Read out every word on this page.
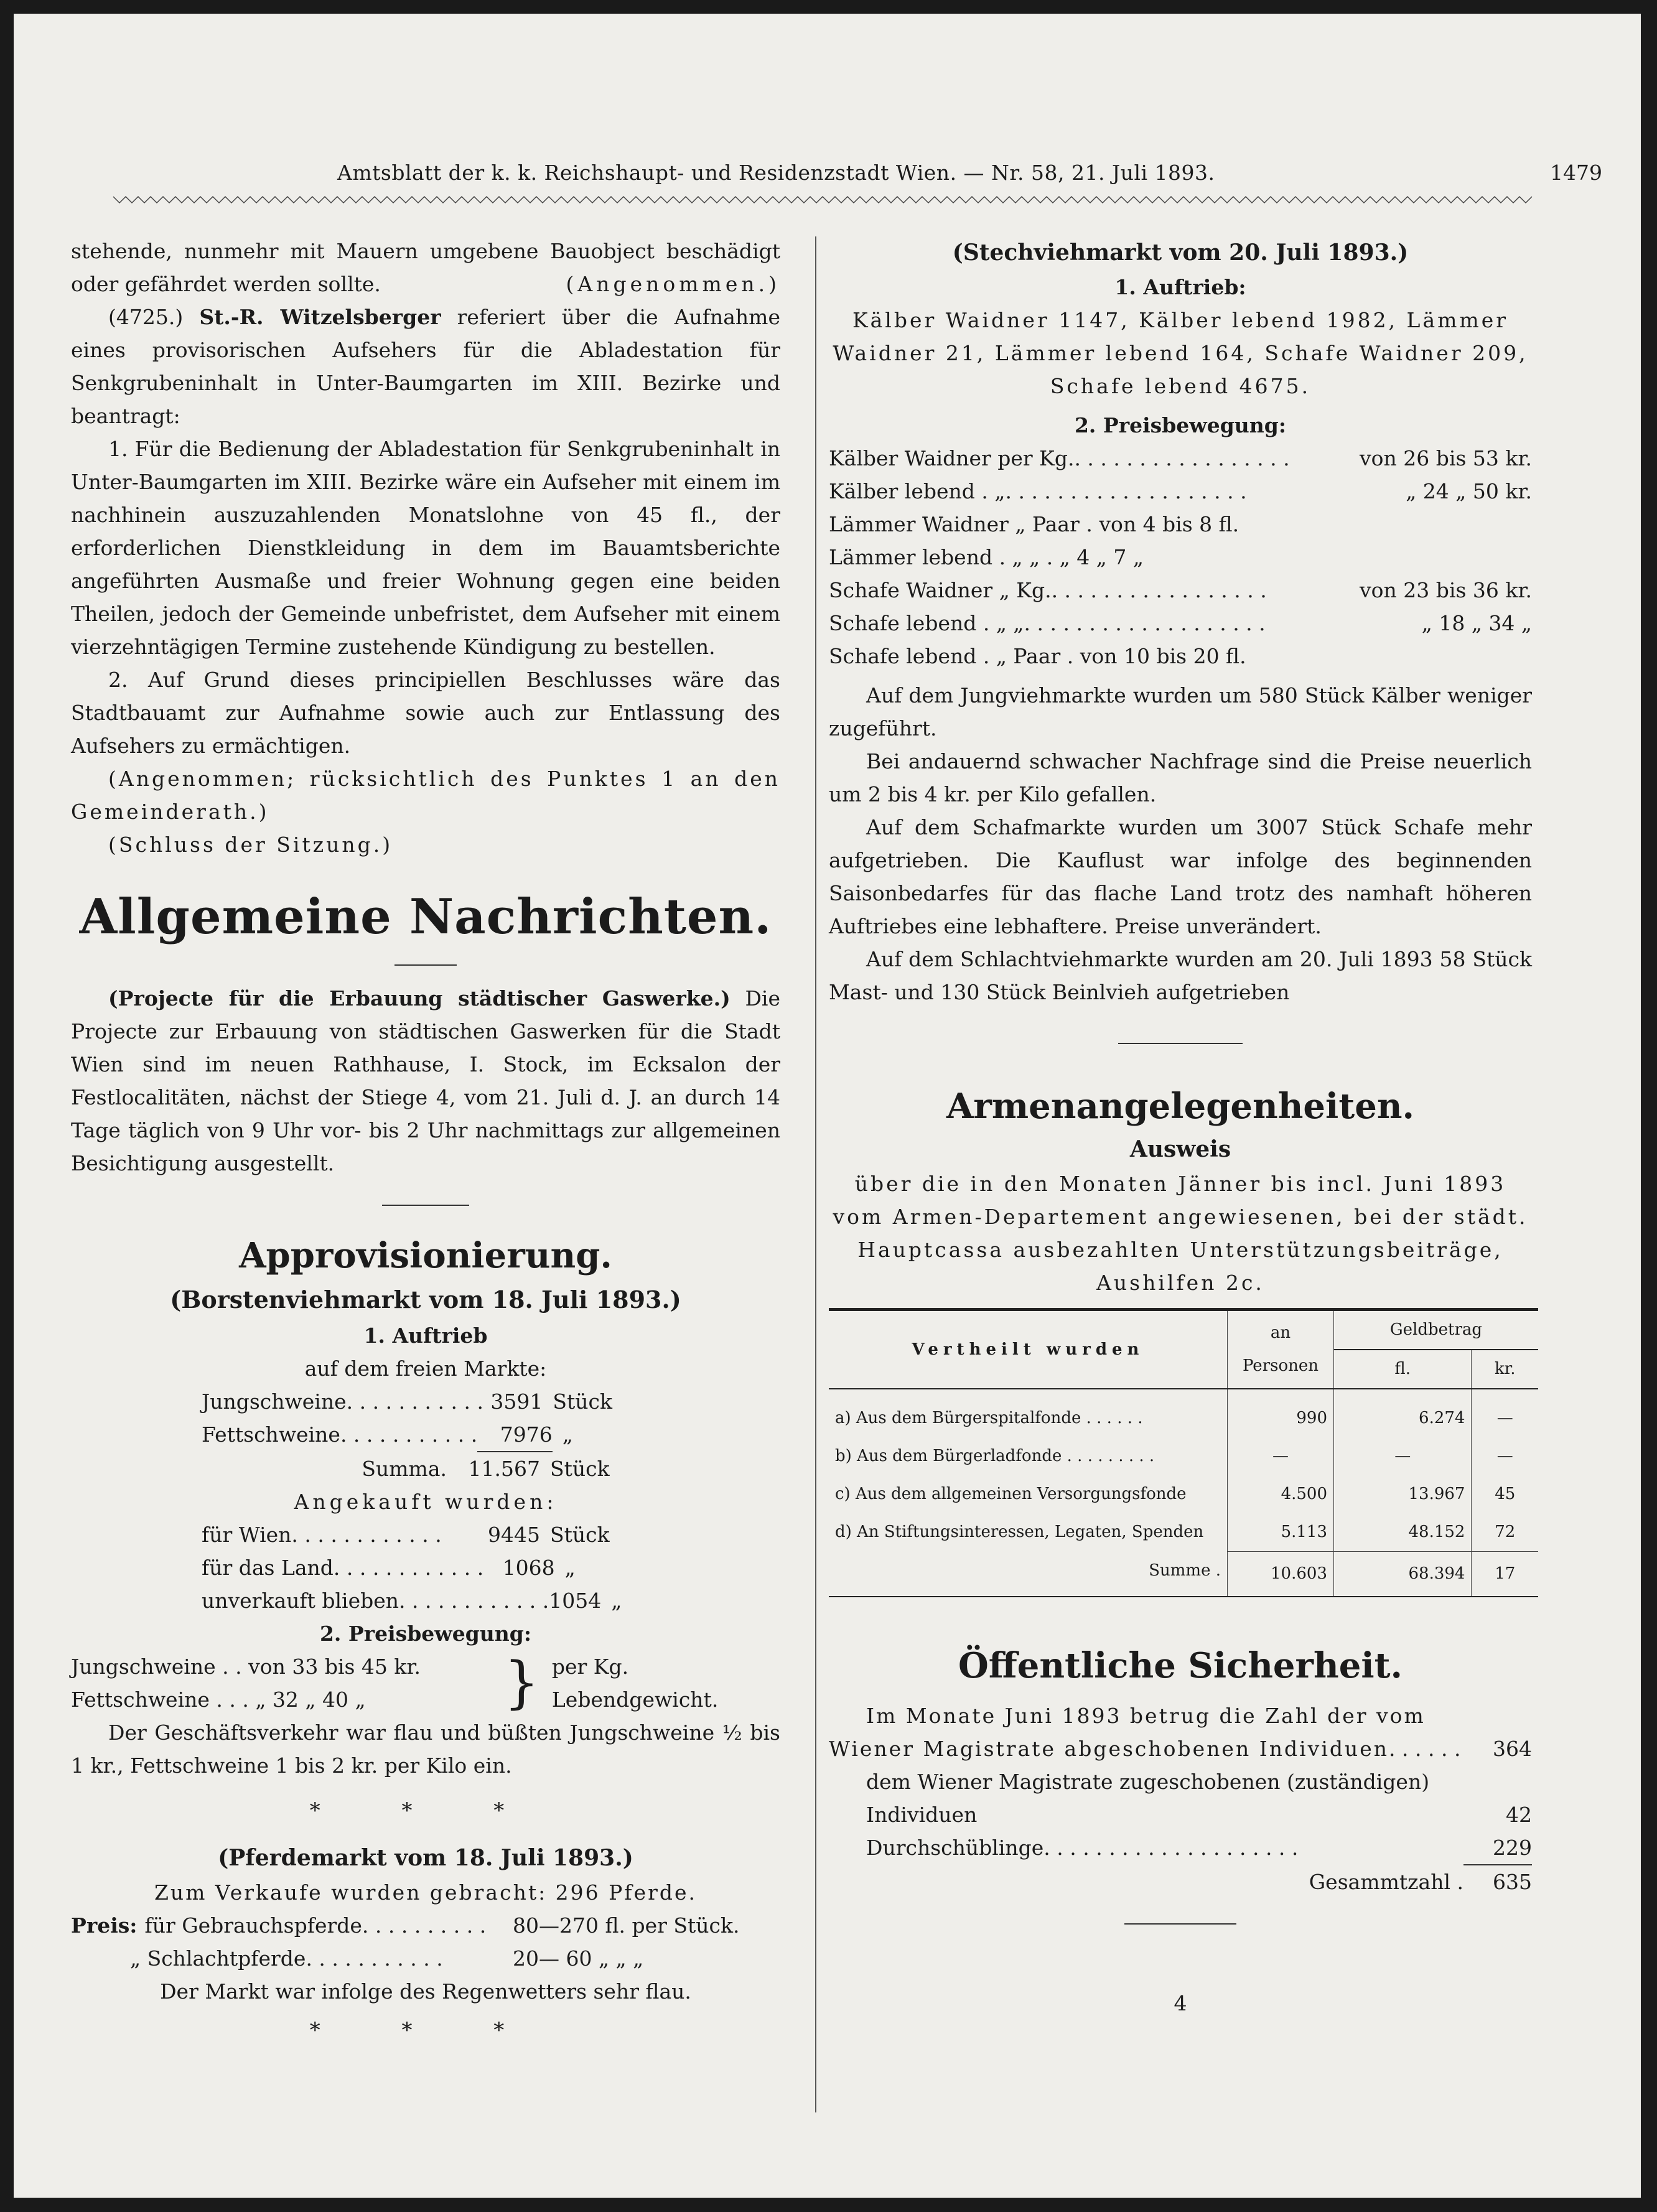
Amtsblatt der k. k. Reichshaupt- und Residenzstadt Wien. — Nr. 58, 21. Juli 1893.	1479

stehende, nunmehr mit Mauern umgebene Bauobject beschädigt oder gefährdet werden sollte.	(Angenommen.)

(4725.) St.-R. Witzelsberger referiert über die Aufnahme eines provisorischen Aufsehers für die Abladestation für Senkgrubeninhalt in Unter-Baumgarten im XIII. Bezirke und beantragt:

1. Für die Bedienung der Abladestation für Senkgrubeninhalt in Unter-Baumgarten im XIII. Bezirke wäre ein Aufseher mit einem im nachhinein auszuzahlenden Monatslohne von 45 fl., der erforderlichen Dienstkleidung in dem im Bauamtsberichte angeführten Ausmaße und freier Wohnung gegen eine beiden Theilen, jedoch der Gemeinde unbefristet, dem Aufseher mit einem vierzehntägigen Termine zustehende Kündigung zu bestellen.

2. Auf Grund dieses principiellen Beschlusses wäre das Stadtbauamt zur Aufnahme sowie auch zur Entlassung des Aufsehers zu ermächtigen.

(Angenommen; rücksichtlich des Punktes 1 an den Gemeinderath.)

(Schluss der Sitzung.)

Allgemeine Nachrichten.

(Projecte für die Erbauung städtischer Gaswerke.) Die Projecte zur Erbauung von städtischen Gaswerken für die Stadt Wien sind im neuen Rathhause, I. Stock, im Ecksalon der Festlocalitäten, nächst der Stiege 4, vom 21. Juli d. J. an durch 14 Tage täglich von 9 Uhr vor- bis 2 Uhr nachmittags zur allgemeinen Besichtigung ausgestellt.

Approvisionierung.
(Borstenviehmarkt vom 18. Juli 1893.)
1. Auftrieb
auf dem freien Markte:
Jungschweine . . . . . . . . . . . 3591 Stück
Fettschweine . . . . . . . . . . .	7976 „
Summa .	11.567 Stück
Angekauft wurden:
für Wien . . . . . . . . . . . .	9445 Stück
für das Land . . . . . . . . . . . . 1068 „
unverkauft blieben . . . . . . . . . . . . 1054 „
2. Preisbewegung:
Jungschweine . . von 33 bis 45 kr.
Fettschweine . . . „ 32 „ 40 „	} per Kg. Lebendgewicht.

Der Geschäftsverkehr war flau und büßten Jungschweine ½ bis 1 kr., Fettschweine 1 bis 2 kr. per Kilo ein.

* * *
(Pferdemarkt vom 18. Juli 1893.)
Zum Verkaufe wurden gebracht: 296 Pferde.
Preis: für Gebrauchspferde . . . . . . . . . .	80—270 fl. per Stück.
„ Schlachtpferde . . . . . . . . . . .	20— 60 „ „ „
Der Markt war infolge des Regenwetters sehr flau.
* * *
(Stechviehmarkt vom 20. Juli 1893.)
1. Auftrieb:

Kälber Waidner 1147, Kälber lebend 1982, Lämmer Waidner 21, Lämmer lebend 164, Schafe Waidner 209, Schafe lebend 4675.

2. Preisbewegung:
Kälber Waidner per Kg. . . . . . . . . . . . . . . . . .	von 26 bis 53 kr.
Kälber lebend . „ . . . . . . . . . . . . . . . . . . .	„ 24 „ 50 kr.
Lämmer Waidner „ Paar . von 4 bis 8 fl.
Lämmer lebend . „ „ . „ 4 „ 7 „
Schafe Waidner „ Kg. . . . . . . . . . . . . . . . . .	von 23 bis 36 kr.
Schafe lebend . „ „ . . . . . . . . . . . . . . . . . . .	„ 18 „ 34 „
Schafe lebend . „ Paar . von 10 bis 20 fl.

Auf dem Jungviehmarkte wurden um 580 Stück Kälber weniger zugeführt.

Bei andauernd schwacher Nachfrage sind die Preise neuerlich um 2 bis 4 kr. per Kilo gefallen.

Auf dem Schafmarkte wurden um 3007 Stück Schafe mehr aufgetrieben. Die Kauflust war infolge des beginnenden Saisonbedarfes für das flache Land trotz des namhaft höheren Auftriebes eine lebhaftere. Preise unverändert.

Auf dem Schlachtviehmarkte wurden am 20. Juli 1893 58 Stück Mast- und 130 Stück Beinlvieh aufgetrieben

Armenangelegenheiten.
Ausweis

über die in den Monaten Jänner bis incl. Juni 1893 vom Armen-Departement angewiesenen, bei der städt. Hauptcassa ausbezahlten Unterstützungsbeiträge, Aushilfen 2c.

Vertheilt wurden	an Personen	Geldbetrag	
		fl.	kr.
a) Aus dem Bürgerspitalfonde . . . . . .	990	6.274	—
b) Aus dem Bürgerladfonde . . . . . . . . .	—	—	—
c) Aus dem allgemeinen Versorgungsfonde	4.500	13.967	45
d) An Stiftungsinteressen, Legaten, Spenden	5.113	48.152	72
Summe .	10.603	68.394	17
Öffentliche Sicherheit.

Im Monate Juni 1893 betrug die Zahl der vom

Wiener Magistrate abgeschobenen Individuen . . . . . .	364
dem Wiener Magistrate zugeschobenen (zuständigen) Individuen	42
Durchschüblinge . . . . . . . . . . . . . . . . . . . .	229
Gesammtzahl .	635
4
